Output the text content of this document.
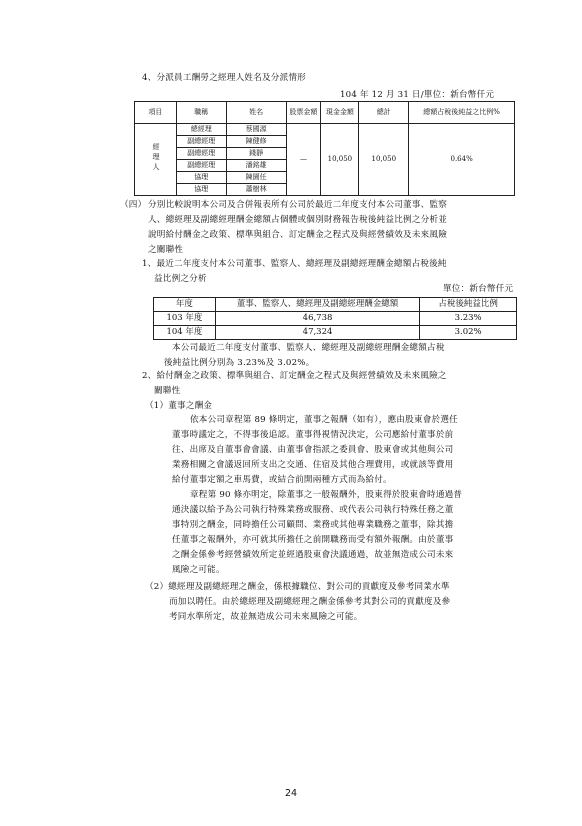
4、分派員工酬勞之經理人姓名及分派情形
104 年 12 月 31 日/單位：新台幣仟元
項目	職稱	姓名	股票金額	現金金額	總計	總額占稅後純益之比例%
經理人	總經理	蔡國源	—	10,050	10,050	0.64%
	副總經理	陳健修				
	副總經理	錢靜				
	副總經理	潘銘雄				
	協理	陳園任				
	協理	蕭樹林				
（四） 分別比較說明本公司及合併報表所有公司於最近二年度支付本公司董事、監察
人、總經理及副總經理酬金總額占個體或個別財務報告稅後純益比例之分析並
說明給付酬金之政策、標準與組合、訂定酬金之程式及與經營績效及未來風險
之關聯性
1、最近二年度支付本公司董事、監察人、總經理及副總經理酬金總額占稅後純
益比例之分析
單位：新台幣仟元
年度	董事、監察人、總經理及副總經理酬金總額	占稅後純益比例
103 年度	46,738	3.23%
104 年度	47,324	3.02%
本公司最近二年度支付董事、監察人、總經理及副總經理酬金總額占稅
後純益比例分別為 3.23%及 3.02%。
2、給付酬金之政策、標準與組合、訂定酬金之程式及與經營績效及未來風險之
關聯性
（1）董事之酬金
依本公司章程第 89 條明定，董事之報酬（如有），應由股東會於選任
董事時議定之，不得事後追認。董事得視情況決定，公司應給付董事於前
往、出席及自董事會會議、由董事會指派之委員會、股東會或其他與公司
業務相關之會議返回所支出之交通、住宿及其他合理費用，或就該等費用
給付董事定額之車馬費，或結合前開兩種方式而為給付。
章程第 90 條亦明定，除董事之一般報酬外，股東得於股東會時通過普
通決議以給予為公司執行特殊業務或服務、或代表公司執行特殊任務之董
事特別之酬金，同時擔任公司顧問、業務或其他專業職務之董事，除其擔
任董事之報酬外，亦可就其所擔任之前開職務而受有額外報酬。由於董事
之酬金係參考經營績效所定並經過股東會決議通過，故並無造成公司未來
風險之可能。
（2）總經理及副總經理之酬金，係根據職位、對公司的貢獻度及參考同業水準
而加以聘任。由於總經理及副總經理之酬金係參考其對公司的貢獻度及參
考同水準所定，故並無造成公司未來風險之可能。
24
